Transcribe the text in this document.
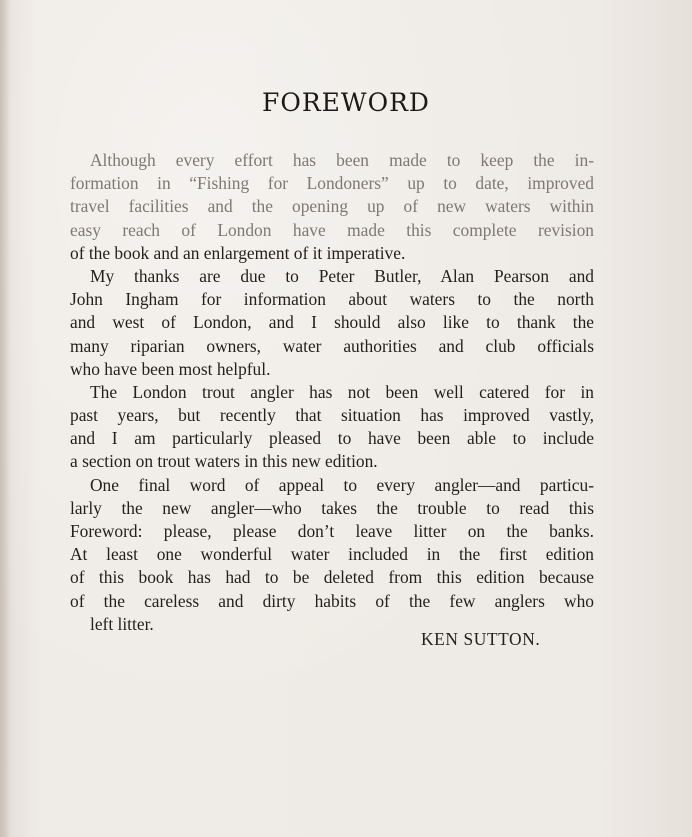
FOREWORD

Although every effort has been made to keep the in-
formation in “Fishing for Londoners” up to date, improved
travel facilities and the opening up of new waters within
easy reach of London have made this complete revision
of the book and an enlargement of it imperative.

My thanks are due to Peter Butler, Alan Pearson and
John Ingham for information about waters to the north
and west of London, and I should also like to thank the
many riparian owners, water authorities and club officials
who have been most helpful.

The London trout angler has not been well catered for in
past years, but recently that situation has improved vastly,
and I am particularly pleased to have been able to include
a section on trout waters in this new edition.

One final word of appeal to every angler—and particu-
larly the new angler—who takes the trouble to read this
Foreword: please, please don’t leave litter on the banks.
At least one wonderful water included in the first edition
of this book has had to be deleted from this edition because
of the careless and dirty habits of the few anglers who
left litter.

KEN SUTTON.
